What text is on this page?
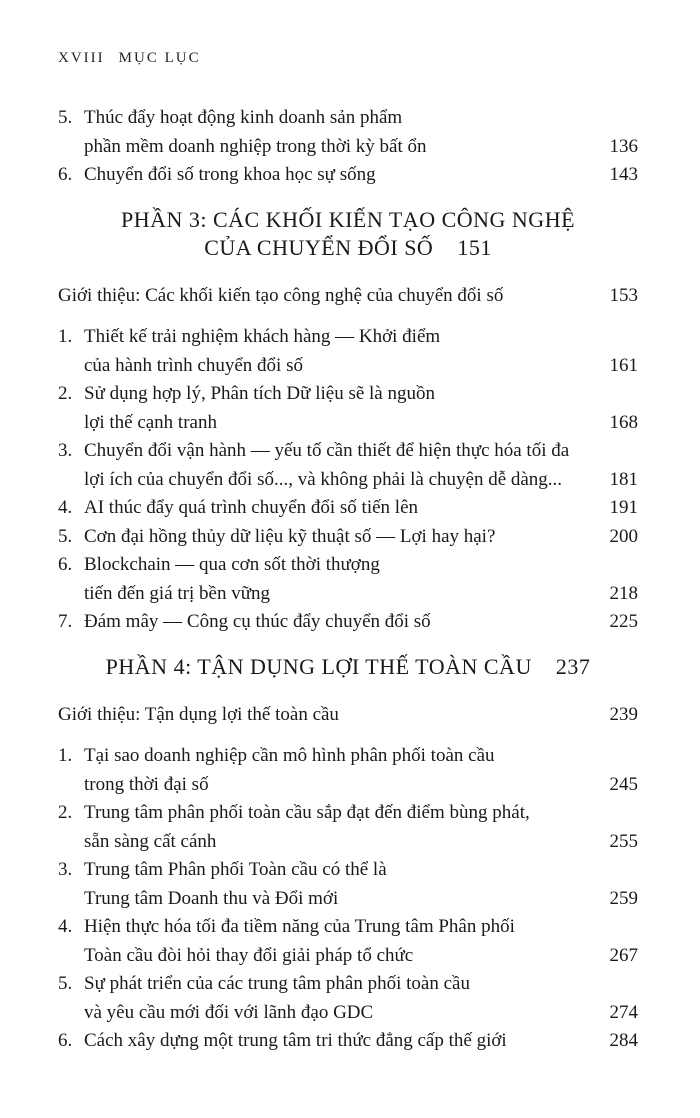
XVIII MỤC LỤC
5. Thúc đẩy hoạt động kinh doanh sản phẩm
phần mềm doanh nghiệp trong thời kỳ bất ổn	136
6. Chuyển đổi số trong khoa học sự sống	143
PHẦN 3: CÁC KHỐI KIẾN TẠO CÔNG NGHỆ
CỦA CHUYỂN ĐỔI SỐ 151
Giới thiệu: Các khối kiến tạo công nghệ của chuyển đổi số	153
1. Thiết kế trải nghiệm khách hàng — Khởi điểm
của hành trình chuyển đổi số	161
2. Sử dụng hợp lý, Phân tích Dữ liệu sẽ là nguồn
lợi thế cạnh tranh	168
3. Chuyển đổi vận hành — yếu tố cần thiết để hiện thực hóa tối đa
lợi ích của chuyển đổi số..., và không phải là chuyện dễ dàng...	181
4. AI thúc đẩy quá trình chuyển đổi số tiến lên	191
5. Cơn đại hồng thủy dữ liệu kỹ thuật số — Lợi hay hại?	200
6. Blockchain — qua cơn sốt thời thượng
tiến đến giá trị bền vững	218
7. Đám mây — Công cụ thúc đẩy chuyển đổi số	225
PHẦN 4: TẬN DỤNG LỢI THẾ TOÀN CẦU 237
Giới thiệu: Tận dụng lợi thế toàn cầu	239
1. Tại sao doanh nghiệp cần mô hình phân phối toàn cầu
trong thời đại số	245
2. Trung tâm phân phối toàn cầu sắp đạt đến điểm bùng phát,
sẵn sàng cất cánh	255
3. Trung tâm Phân phối Toàn cầu có thể là
Trung tâm Doanh thu và Đổi mới	259
4. Hiện thực hóa tối đa tiềm năng của Trung tâm Phân phối
Toàn cầu đòi hỏi thay đổi giải pháp tổ chức	267
5. Sự phát triển của các trung tâm phân phối toàn cầu
và yêu cầu mới đối với lãnh đạo GDC	274
6. Cách xây dựng một trung tâm tri thức đẳng cấp thế giới	284
